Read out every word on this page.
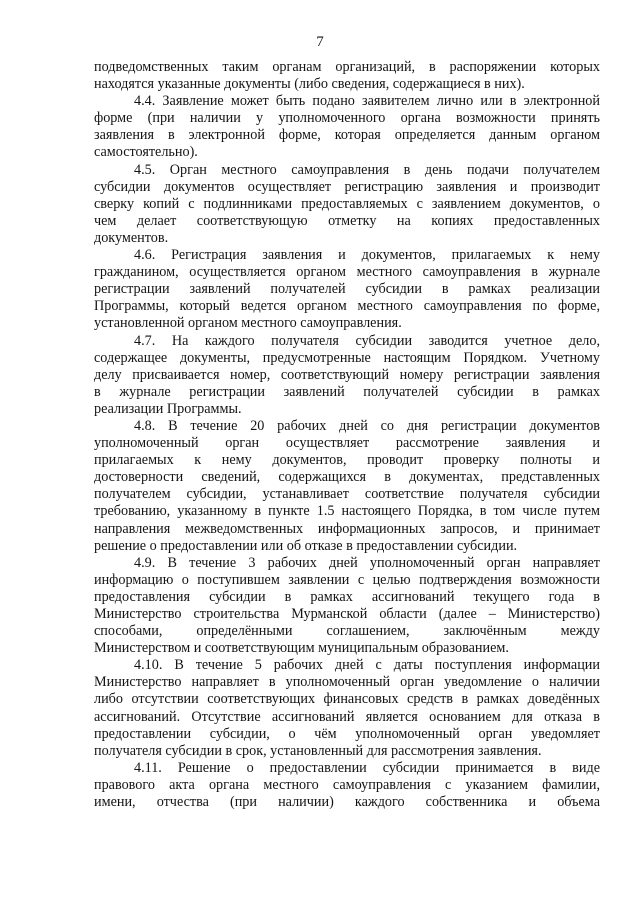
7
подведомственных таким органам организаций, в распоряжении которых
находятся указанные документы (либо сведения, содержащиеся в них).
4.4. Заявление может быть подано заявителем лично или в электронной
форме (при наличии у уполномоченного органа возможности принять
заявления в электронной форме, которая определяется данным органом
самостоятельно).
4.5. Орган местного самоуправления в день подачи получателем
субсидии документов осуществляет регистрацию заявления и производит
сверку копий с подлинниками предоставляемых с заявлением документов, о
чем делает соответствующую отметку на копиях предоставленных
документов.
4.6. Регистрация заявления и документов, прилагаемых к нему
гражданином, осуществляется органом местного самоуправления в журнале
регистрации заявлений получателей субсидии в рамках реализации
Программы, который ведется органом местного самоуправления по форме,
установленной органом местного самоуправления.
4.7. На каждого получателя субсидии заводится учетное дело,
содержащее документы, предусмотренные настоящим Порядком. Учетному
делу присваивается номер, соответствующий номеру регистрации заявления
в журнале регистрации заявлений получателей субсидии в рамках
реализации Программы.
4.8. В течение 20 рабочих дней со дня регистрации документов
уполномоченный орган осуществляет рассмотрение заявления и
прилагаемых к нему документов, проводит проверку полноты и
достоверности сведений, содержащихся в документах, представленных
получателем субсидии, устанавливает соответствие получателя субсидии
требованию, указанному в пункте 1.5 настоящего Порядка, в том числе путем
направления межведомственных информационных запросов, и принимает
решение о предоставлении или об отказе в предоставлении субсидии.
4.9. В течение 3 рабочих дней уполномоченный орган направляет
информацию о поступившем заявлении с целью подтверждения возможности
предоставления субсидии в рамках ассигнований текущего года в
Министерство строительства Мурманской области (далее – Министерство)
способами, определёнными соглашением, заключённым между
Министерством и соответствующим муниципальным образованием.
4.10. В течение 5 рабочих дней с даты поступления информации
Министерство направляет в уполномоченный орган уведомление о наличии
либо отсутствии соответствующих финансовых средств в рамках доведённых
ассигнований. Отсутствие ассигнований является основанием для отказа в
предоставлении субсидии, о чём уполномоченный орган уведомляет
получателя субсидии в срок, установленный для рассмотрения заявления.
4.11. Решение о предоставлении субсидии принимается в виде
правового акта органа местного самоуправления с указанием фамилии,
имени, отчества (при наличии) каждого собственника и объема
